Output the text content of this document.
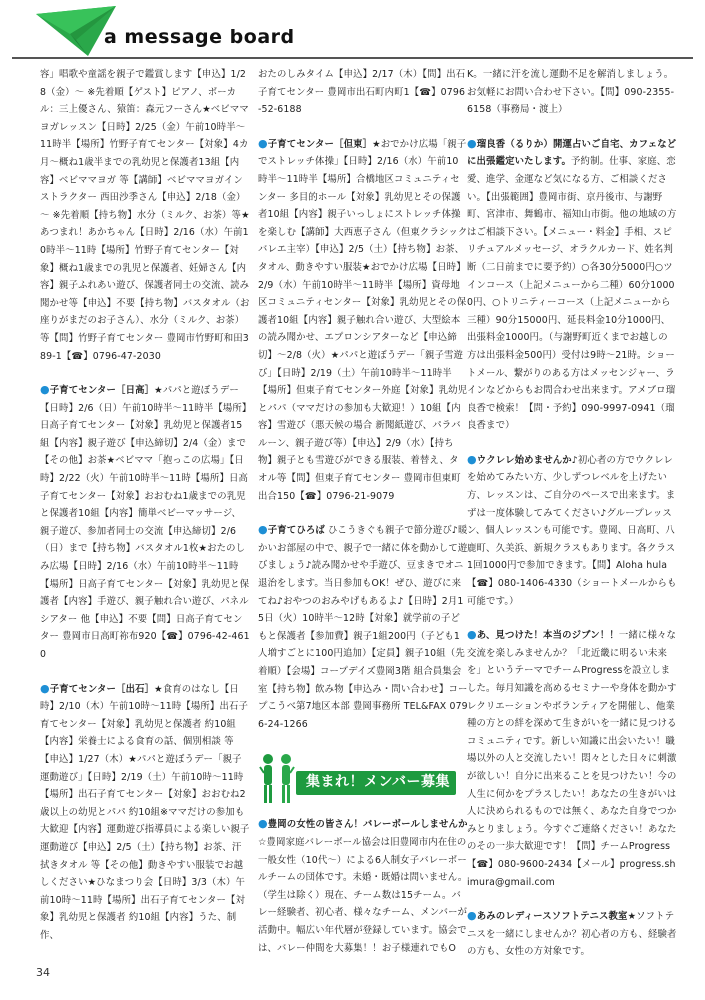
a message board
容」唱歌や童謡を親子で鑑賞します【申込】1/28（金）～ ※先着順【ゲスト】ピアノ、ボーカル：三上優さん、猿笛：森元フーさん★ベビママヨガレッスン【日時】2/25（金）午前10時半～11時半【場所】竹野子育てセンター【対象】4カ月～概ね1歳半までの乳幼児と保護者13組【内容】ベビママヨガ 等【講師】ベビママヨガインストラクター 西田沙季さん【申込】2/18（金）～ ※先着順【持ち物】水分（ミルク、お茶）等★あつまれ！あかちゃん【日時】2/16（水）午前10時半～11時【場所】竹野子育てセンター【対象】概ね1歳までの乳児と保護者、妊婦さん【内容】親子ふれあい遊び、保護者同士の交流、読み聞かせ等【申込】不要【持ち物】バスタオル（お座りがまだのお子さん）、水分（ミルク、お茶）等【問】竹野子育てセンター 豊岡市竹野町和田389-1【☎】0796-47-2030
●子育てセンター［日高］★パパと遊ぼうデー【日時】2/6（日）午前10時半～11時半【場所】日高子育てセンター【対象】乳幼児と保護者15組【内容】親子遊び【申込締切】2/4（金）まで【その他】お茶★ベビママ「抱っこの広場」【日時】2/22（火）午前10時半～11時【場所】日高子育てセンター【対象】おおむね1歳までの乳児と保護者10組【内容】簡単ベビーマッサージ、親子遊び、参加者同士の交流【申込締切】2/6（日）まで【持ち物】バスタオル1枚★おたのしみ広場【日時】2/16（水）午前10時半～11時【場所】日高子育てセンター【対象】乳幼児と保護者【内容】手遊び、親子触れ合い遊び、パネルシアター 他【申込】不要【問】日高子育てセンター 豊岡市日高町祢布920【☎】0796-42-4610
●子育てセンター［出石］★食育のはなし【日時】2/10（木）午前10時～11時【場所】出石子育てセンター【対象】乳幼児と保護者 約10組【内容】栄養士による食育の話、個別相談 等【申込】1/27（木）★パパと遊ぼうデー「親子運動遊び」【日時】2/19（土）午前10時～11時【場所】出石子育てセンター【対象】おおむね2歳以上の幼児とパパ 約10組※ママだけの参加も大歓迎【内容】運動遊び指導員による楽しい親子運動遊び【申込】2/5（土）【持ち物】お茶、汗拭きタオル 等【その他】動きやすい服装でお越しください★ひなまつり会【日時】3/3（木）午前10時～11時【場所】出石子育てセンター【対象】乳幼児と保護者 約10組【内容】うた、制作、
おたのしみタイム【申込】2/17（木）【問】出石子育てセンター 豊岡市出石町内町1【☎】0796-52-6188
●子育てセンター［但東］★おでかけ広場「親子でストレッチ体操」【日時】2/16（水）午前10時半～11時半【場所】合橋地区コミュニティセンター 多目的ホール【対象】乳幼児とその保護者10組【内容】親子いっしょにストレッチ体操を楽しむ【講師】大西恵子さん（但東クラシックバレエ主宰）【申込】2/5（土）【持ち物】お茶、タオル、動きやすい服装★おでかけ広場【日時】2/9（水）午前10時半～11時半【場所】資母地区コミュニティセンター【対象】乳幼児とその保護者10組【内容】親子触れ合い遊び、大型絵本の読み聞かせ、エプロンシアターなど【申込締切】～2/8（火）★パパと遊ぼうデー「親子雪遊び」【日時】2/19（土）午前10時半～11時半【場所】但東子育てセンター外庭【対象】乳幼児とパパ（ママだけの参加も大歓迎！）10組【内容】雪遊び（悪天候の場合 新聞紙遊び、パラバルーン、親子遊び等）【申込】2/9（水）【持ち物】親子とも雪遊びができる服装、着替え、タオル等【問】但東子育てセンター 豊岡市但東町出合150【☎】0796-21-9079
●子育てひろば ひこうきぐも親子で節分遊び♪暖かいお部屋の中で、親子で一緒に体を動かして遊びましょう♪読み聞かせや手遊び、豆まきでオニ退治をします。当日参加もOK！ぜひ、遊びに来てね♪おやつのおみやげもあるよ♪【日時】2月15日（火）10時半～12時【対象】就学前の子どもと保護者【参加費】親子1組200円（子ども1人増すごとに100円追加）【定員】親子10組（先着順）【会場】コープデイズ豊岡3階 組合員集会室【持ち物】飲み物【申込み・問い合わせ】コープこうべ第7地区本部 豊岡事務所 TEL&FAX 0796-24-1266
集まれ！メンバー募集
●豊岡の女性の皆さん！バレーボールしませんか☆豊岡家庭バレーボール協会は旧豊岡市内在住の一般女性（10代～）による6人制女子バレーボールチームの団体です。未婚・既婚は問いません。（学生は除く）現在、チーム数は15チーム。バレー経験者、初心者、様々なチーム、メンバーが活動中。幅広い年代層が登録しています。協会では、バレー仲間を大募集！！お子様連れでもO
K。一緒に汗を流し運動不足を解消しましょう。お気軽にお問い合わせ下さい。【問】090-2355-6158（事務局・渡上）
●瑠良香（るりか）開運占いご自宅、カフェなどに出張鑑定いたします。予約制。仕事、家庭、恋愛、進学、金運など気になる方、ご相談ください。【出張範囲】豊岡市街、京丹後市、与謝野町、宮津市、舞鶴市、福知山市街。他の地域の方はご相談下さい。【メニュー・料金】手相、スピリチュアルメッセージ、オラクルカード、姓名判断（二日前までに要予約）○各30分5000円○ツインコース（上記メニューから二種）60分10000円、○トリニティーコース（上記メニューから三種）90分15000円、延長料金10分1000円、出張料金1000円。（与謝野町近くまでお越しの方は出張料金500円）受付は9時～21時。ショートメール、繋がりのある方はメッセンジャー、ラインなどからもお問合わせ出来ます。アメブロ瑠良香で検索！【問・予約】090-9997-0941（瑠良香まで）
●ウクレレ始めませんか♪初心者の方でウクレレを始めてみたい方、少しずつレベルを上げたい方、レッスンは、ご自分のペースで出来ます。まずは一度体験してみてください♪グループレッスン、個人レッスンも可能です。豊岡、日高町、八鹿町、久美浜、新規クラスもあります。各クラス1回1000円で参加できます。【問】Aloha hula【☎】080-1406-4330（ショートメールからも可能です。）
●あ、見つけた！本当のジブン！！一緒に様々な交流を楽しみませんか？「北近畿に明るい未来を」というテーマでチームProgressを設立しました。毎月知識を高めるセミナーや身体を動かすレクリエーションやボランティアを開催し、他業種の方との絆を深めて生きがいを一緒に見つけるコミュニティです。新しい知識に出会いたい！職場以外の人と交流したい！悶々とした日々に刺激が欲しい！自分に出来ることを見つけたい！今の人生に何かをプラスしたい！あなたの生きがいは人に決められるものでは無く、あなた自身でつかみとりましょう。今すぐご連絡ください！あなたのその一歩大歓迎です！【問】チームProgress【☎】080-9600-2434【メール】progress.shimura@gmail.com
●あみのレディースソフトテニス教室★ソフトテニスを一緒にしませんか？初心者の方も、経験者の方も、女性の方対象です。
34
